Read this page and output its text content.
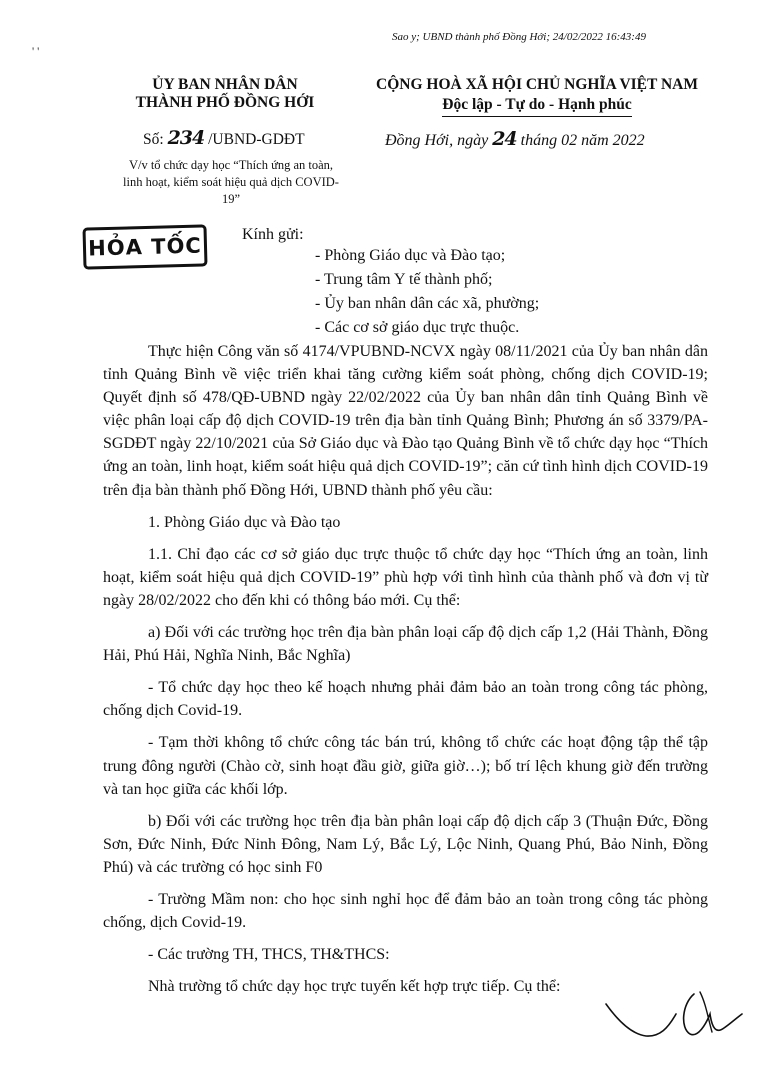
Sao y; UBND thành phố Đồng Hới; 24/02/2022 16:43:49
' '
ỦY BAN NHÂN DÂN
THÀNH PHỐ ĐỒNG HỚI
CỘNG HOÀ XÃ HỘI CHỦ NGHĨA VIỆT NAM
Độc lập - Tự do - Hạnh phúc
Số: 234 /UBND-GDĐT	Đồng Hới, ngày 24 tháng 02 năm 2022
V/v tổ chức dạy học “Thích ứng an toàn, linh hoạt, kiểm soát hiệu quả dịch COVID-19”
HỎA TỐC	Kính gửi:
- Phòng Giáo dục và Đào tạo;
- Trung tâm Y tế thành phố;
- Ủy ban nhân dân các xã, phường;
- Các cơ sở giáo dục trực thuộc.

Thực hiện Công văn số 4174/VPUBND-NCVX ngày 08/11/2021 của Ủy ban nhân dân tỉnh Quảng Bình về việc triển khai tăng cường kiểm soát phòng, chống dịch COVID-19; Quyết định số 478/QĐ-UBND ngày 22/02/2022 của Ủy ban nhân dân tỉnh Quảng Bình về việc phân loại cấp độ dịch COVID-19 trên địa bàn tỉnh Quảng Bình; Phương án số 3379/PA-SGDĐT ngày 22/10/2021 của Sở Giáo dục và Đào tạo Quảng Bình về tổ chức dạy học “Thích ứng an toàn, linh hoạt, kiểm soát hiệu quả dịch COVID-19”; căn cứ tình hình dịch COVID-19 trên địa bàn thành phố Đồng Hới, UBND thành phố yêu cầu:

1. Phòng Giáo dục và Đào tạo

1.1. Chỉ đạo các cơ sở giáo dục trực thuộc tổ chức dạy học “Thích ứng an toàn, linh hoạt, kiểm soát hiệu quả dịch COVID-19” phù hợp với tình hình của thành phố và đơn vị từ ngày 28/02/2022 cho đến khi có thông báo mới. Cụ thể:

a) Đối với các trường học trên địa bàn phân loại cấp độ dịch cấp 1,2 (Hải Thành, Đồng Hải, Phú Hải, Nghĩa Ninh, Bắc Nghĩa)

- Tổ chức dạy học theo kế hoạch nhưng phải đảm bảo an toàn trong công tác phòng, chống dịch Covid-19.

- Tạm thời không tổ chức công tác bán trú, không tổ chức các hoạt động tập thể tập trung đông người (Chào cờ, sinh hoạt đầu giờ, giữa giờ…); bố trí lệch khung giờ đến trường và tan học giữa các khối lớp.

b) Đối với các trường học trên địa bàn phân loại cấp độ dịch cấp 3 (Thuận Đức, Đồng Sơn, Đức Ninh, Đức Ninh Đông, Nam Lý, Bắc Lý, Lộc Ninh, Quang Phú, Bảo Ninh, Đồng Phú) và các trường có học sinh F0

- Trường Mầm non: cho học sinh nghỉ học để đảm bảo an toàn trong công tác phòng chống, dịch Covid-19.

- Các trường TH, THCS, TH&THCS:

Nhà trường tổ chức dạy học trực tuyến kết hợp trực tiếp. Cụ thể:
